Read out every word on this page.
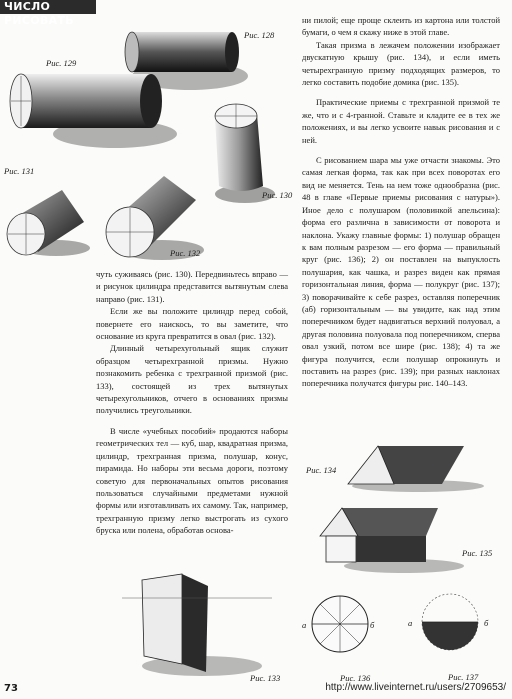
ЧИСЛО РИСОВАТЬ
Рис. 128
Рис. 129
Рис. 130
Рис. 131
Рис. 132

чуть суживаясь (рис. 130). Передвиньтесь вправо — и рисунок цилиндра представится вытянутым слева направо (рис. 131).

Если же вы положите цилиндр перед собой, повернете его наискось, то вы заметите, что основание из круга превратится в овал (рис. 132).

Длинный четырехугольный ящик служит образцом четырехгранной призмы. Нужно познакомить ребенка с трехгранной призмой (рис. 133), состоящей из трех вытянутых четырехугольников, отчего в основаниях призмы получились треугольники.

В числе «учебных пособий» продаются наборы геометрических тел — куб, шар, квадратная призма, цилиндр, трехгранная призма, полушар, конус, пирамида. Но наборы эти весьма дороги, поэтому советую для первоначальных опытов рисования пользоваться случайными предметами нужной формы или изготавливать их самому. Так, например, трехгранную призму легко выстрогать из сухого бруска или полена, обработав основа-

ни пилой; еще проще склеить из картона или толстой бумаги, о чем я скажу ниже в этой главе.

Такая призма в лежачем положении изображает двускатную крышу (рис. 134), и если иметь четырехгранную призму подходящих размеров, то легко составить подобие домика (рис. 135).

Практические приемы с трехгранной призмой те же, что и с 4-гранной. Ставьте и кладите ее в тех же положениях, и вы легко усвоите навык рисования и с ней.

С рисованием шара мы уже отчасти знакомы. Это самая легкая форма, так как при всех поворотах его вид не меняется. Тень на нем тоже однообразна (рис. 48 в главе «Первые приемы рисования с натуры»). Иное дело с полушаром (половинкой апельсина): форма его различна в зависимости от поворота и наклона. Укажу главные формы: 1) полушар обращен к вам полным разрезом — его форма — правильный круг (рис. 136); 2) он поставлен на выпуклость полушария, как чашка, и разрез виден как прямая горизонтальная линия, форма — полукруг (рис. 137); 3) поворачивайте к себе разрез, оставляя поперечник (аб) горизонтальным — вы увидите, как над этим поперечником будет надвигаться верхний полуовал, а другая половина полуовала под поперечником, сперва овал узкий, потом все шире (рис. 138); 4) та же фигура получится, если полушар опрокинуть и поставить на разрез (рис. 139); при разных наклонах поперечника получатся фигуры рис. 140–143.

Рис. 133
Рис. 134
Рис. 135
а	б
Рис. 136
а	б
Рис. 137
73	http://www.liveinternet.ru/users/2709653/
